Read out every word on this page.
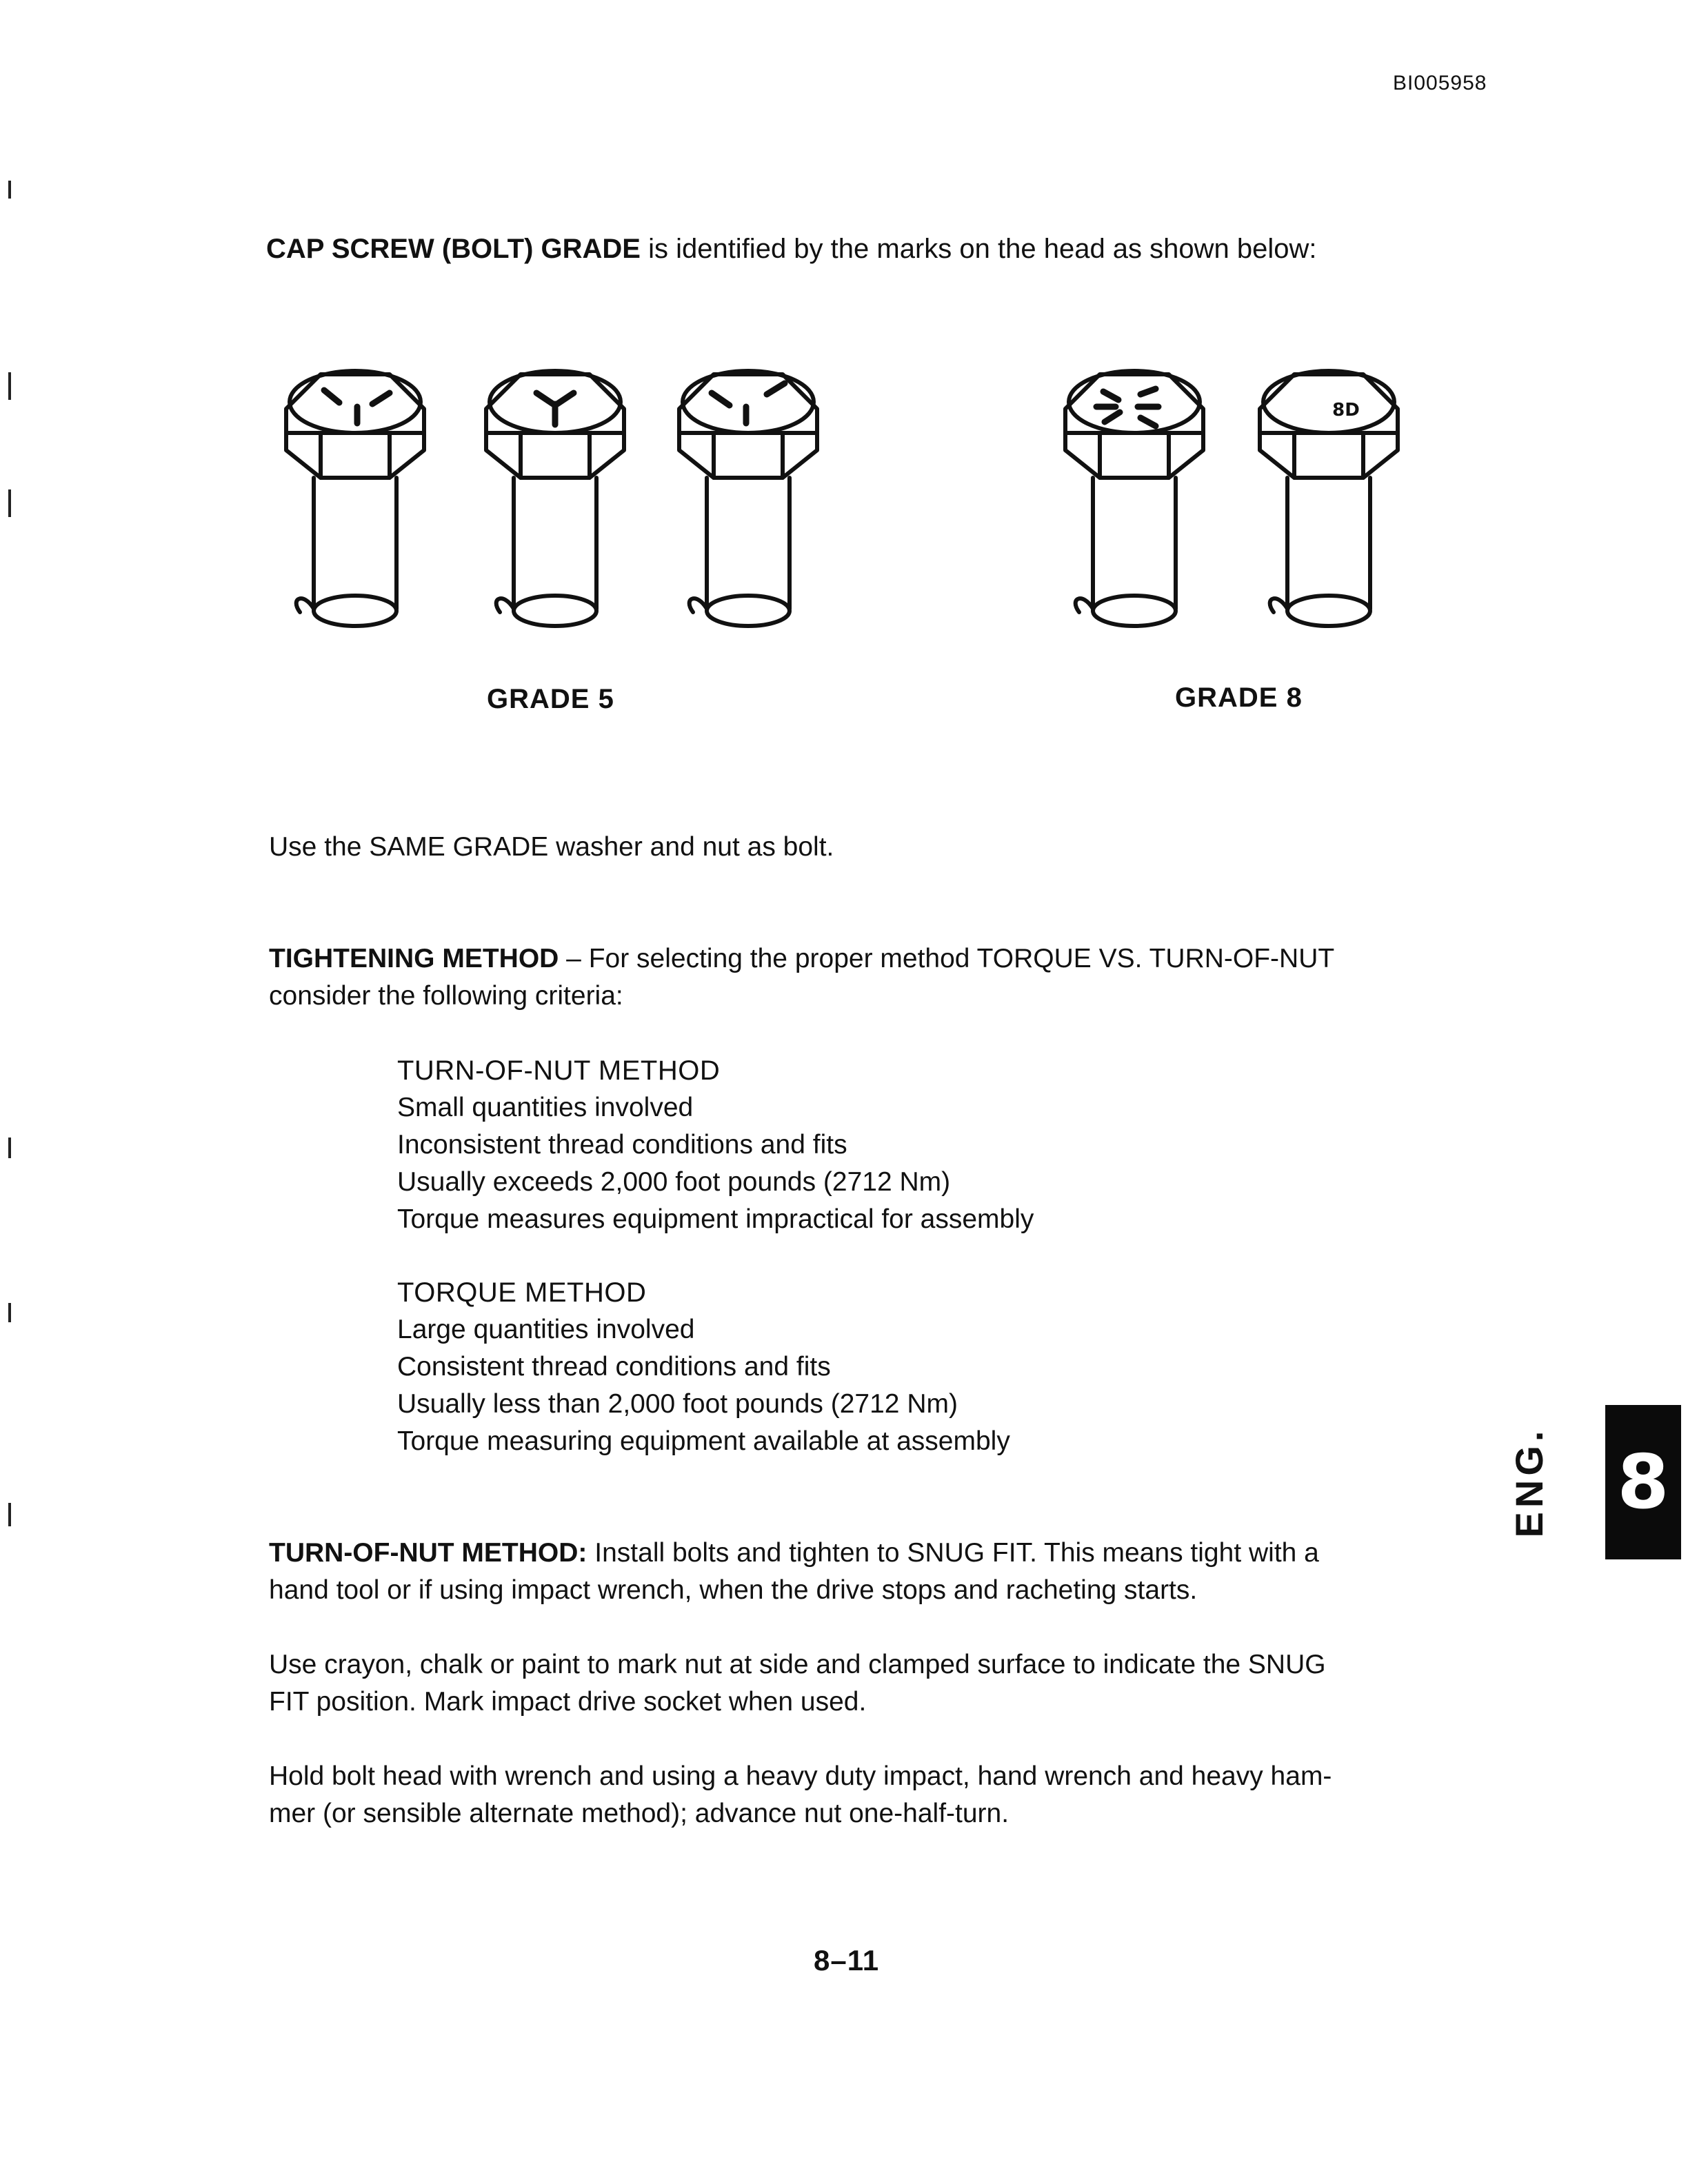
BI005958
CAP SCREW (BOLT) GRADE is identified by the marks on the head as shown below:
8D
GRADE 5	GRADE 8
Use the SAME GRADE washer and nut as bolt.
TIGHTENING METHOD – For selecting the proper method TORQUE VS. TURN-OF-NUT
consider the following criteria:
TURN-OF-NUT METHOD
Small quantities involved
Inconsistent thread conditions and fits
Usually exceeds 2,000 foot pounds (2712 Nm)
Torque measures equipment impractical for assembly
TORQUE METHOD
Large quantities involved
Consistent thread conditions and fits
Usually less than 2,000 foot pounds (2712 Nm)
Torque measuring equipment available at assembly
TURN-OF-NUT METHOD: Install bolts and tighten to SNUG FIT. This means tight with a
hand tool or if using impact wrench, when the drive stops and racheting starts.
Use crayon, chalk or paint to mark nut at side and clamped surface to indicate the SNUG
FIT position. Mark impact drive socket when used.
Hold bolt head with wrench and using a heavy duty impact, hand wrench and heavy ham-
mer (or sensible alternate method); advance nut one-half-turn.
8–11
ENG. 8
